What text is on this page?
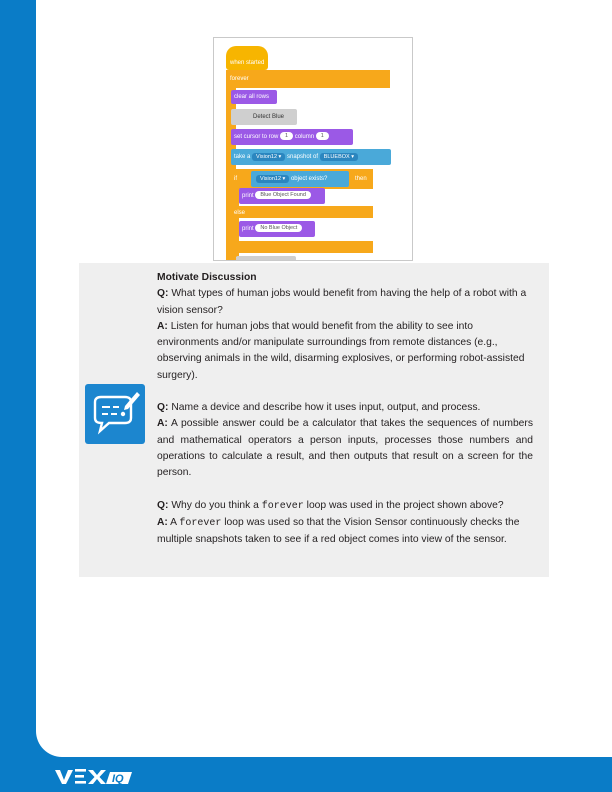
when started
forever
clear all rows
Detect Blue
set cursor to row 1 column 1
take a Vision12 ▾ snapshot of BLUEBOX ▾
if	Vision12 ▾ object exists?	then
print Blue Object Found
else
print No Blue Object

Motivate Discussion

Q: What types of human jobs would benefit from having the help of a robot with a vision sensor?

A: Listen for human jobs that would benefit from the ability to see into environments and/or manipulate surroundings from remote distances (e.g., observing animals in the wild, disarming explosives, or performing robot-assisted surgery).

Q: Name a device and describe how it uses input, output, and process.

A: A possible answer could be a calculator that takes the sequences of numbers and mathematical operators a person inputs, processes those numbers and operations to calculate a result, and then outputs that result on a screen for the person.

Q: Why do you think a forever loop was used in the project shown above?

A: A forever loop was used so that the Vision Sensor continuously checks the multiple snapshots taken to see if a red object comes into view of the sensor.

IQ
